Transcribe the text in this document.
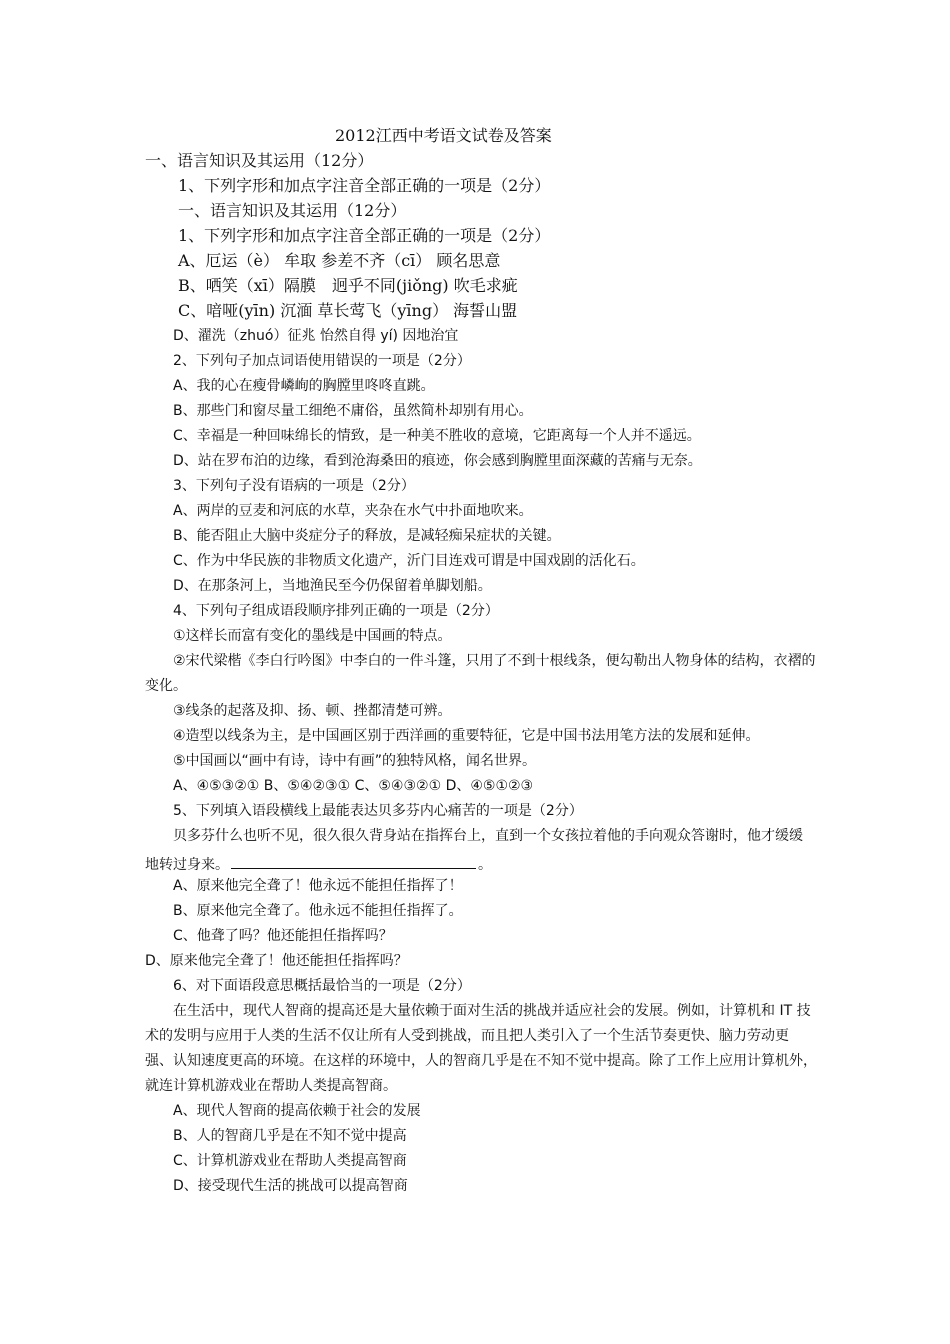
2012江西中考语文试卷及答案
一、语言知识及其运用（12分）
1、下列字形和加点字注音全部正确的一项是（2分）
一、语言知识及其运用（12分）
1、下列字形和加点字注音全部正确的一项是（2分）
A、厄运（è） 牟取 参差不齐（cī） 顾名思意
B、哂笑（xī）隔膜　迥乎不同(jiǒng) 吹毛求疵
C、喑哑(yīn) 沉湎 草长莺飞（yīng） 海誓山盟
D、濯洗（zhuó）征兆 怡然自得 yí) 因地治宜
2、下列句子加点词语使用错误的一项是（2分）
A、我的心在瘦骨嶙峋的胸膛里咚咚直跳。
B、那些门和窗尽量工细绝不庸俗，虽然简朴却别有用心。
C、幸福是一种回味绵长的情致，是一种美不胜收的意境，它距离每一个人并不遥远。
D、站在罗布泊的边缘，看到沧海桑田的痕迹，你会感到胸膛里面深藏的苦痛与无奈。
3、下列句子没有语病的一项是（2分）
A、两岸的豆麦和河底的水草，夹杂在水气中扑面地吹来。
B、能否阻止大脑中炎症分子的释放，是减轻痴呆症状的关键。
C、作为中华民族的非物质文化遗产，沂门目连戏可谓是中国戏剧的活化石。
D、在那条河上，当地渔民至今仍保留着单脚划船。
4、下列句子组成语段顺序排列正确的一项是（2分）
①这样长而富有变化的墨线是中国画的特点。
②宋代梁楷《李白行吟图》中李白的一件斗篷，只用了不到十根线条，便勾勒出人物身体的结构，衣褶的
变化。
③线条的起落及抑、扬、顿、挫都清楚可辨。
④造型以线条为主，是中国画区别于西洋画的重要特征，它是中国书法用笔方法的发展和延伸。
⑤中国画以“画中有诗，诗中有画”的独特风格，闻名世界。
A、④⑤③②① B、⑤④②③① C、⑤④③②① D、④⑤①②③
5、下列填入语段横线上最能表达贝多芬内心痛苦的一项是（2分）
贝多芬什么也听不见，很久很久背身站在指挥台上，直到一个女孩拉着他的手向观众答谢时，他才缓缓
地转过身来。	。
A、原来他完全聋了！他永远不能担任指挥了！
B、原来他完全聋了。他永远不能担任指挥了。
C、他聋了吗？他还能担任指挥吗？
D、原来他完全聋了！他还能担任指挥吗？
6、对下面语段意思概括最恰当的一项是（2分）
在生活中，现代人智商的提高还是大量依赖于面对生活的挑战并适应社会的发展。例如，计算机和 IT 技
术的发明与应用于人类的生活不仅让所有人受到挑战，而且把人类引入了一个生活节奏更快、脑力劳动更
强、认知速度更高的环境。在这样的环境中，人的智商几乎是在不知不觉中提高。除了工作上应用计算机外，
就连计算机游戏业在帮助人类提高智商。
A、现代人智商的提高依赖于社会的发展
B、人的智商几乎是在不知不觉中提高
C、计算机游戏业在帮助人类提高智商
D、接受现代生活的挑战可以提高智商
